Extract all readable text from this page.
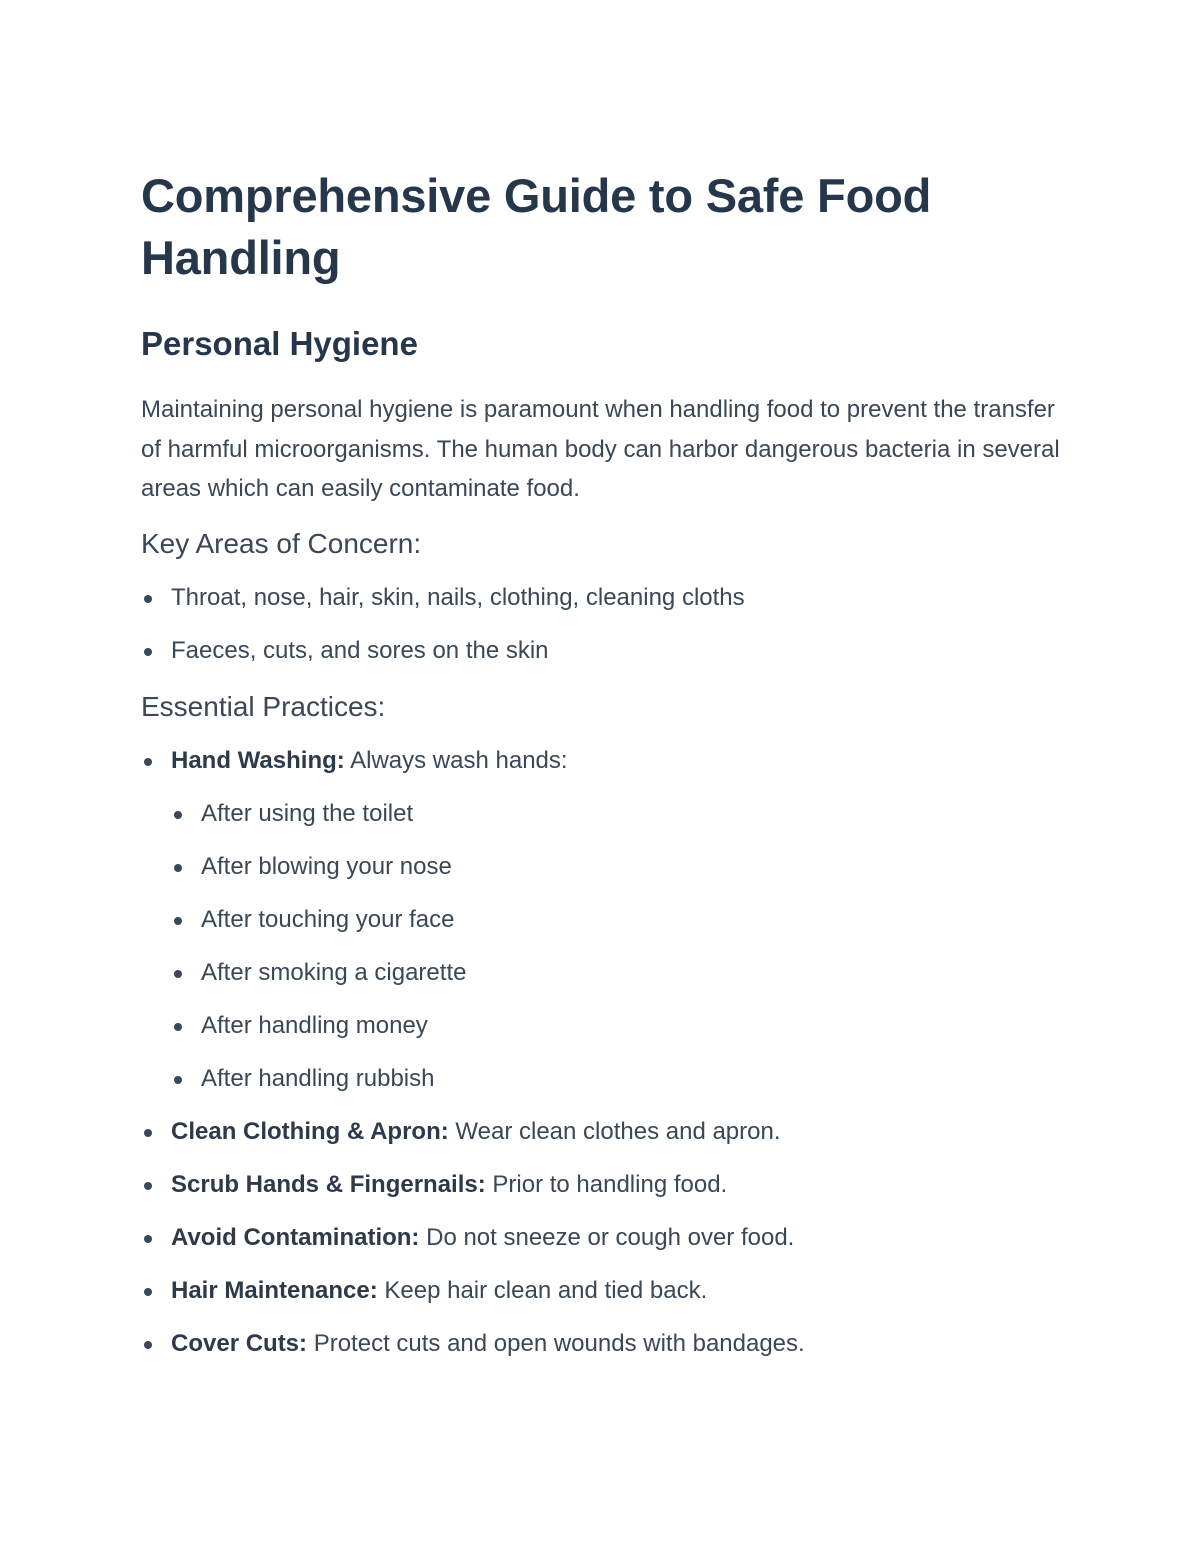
Comprehensive Guide to Safe Food Handling
Personal Hygiene

Maintaining personal hygiene is paramount when handling food to prevent the transfer of harmful microorganisms. The human body can harbor dangerous bacteria in several areas which can easily contaminate food.

Key Areas of Concern:
Throat, nose, hair, skin, nails, clothing, cleaning cloths
Faeces, cuts, and sores on the skin
Essential Practices:
Hand Washing: Always wash hands:
After using the toilet
After blowing your nose
After touching your face
After smoking a cigarette
After handling money
After handling rubbish
Clean Clothing & Apron: Wear clean clothes and apron.
Scrub Hands & Fingernails: Prior to handling food.
Avoid Contamination: Do not sneeze or cough over food.
Hair Maintenance: Keep hair clean and tied back.
Cover Cuts: Protect cuts and open wounds with bandages.
